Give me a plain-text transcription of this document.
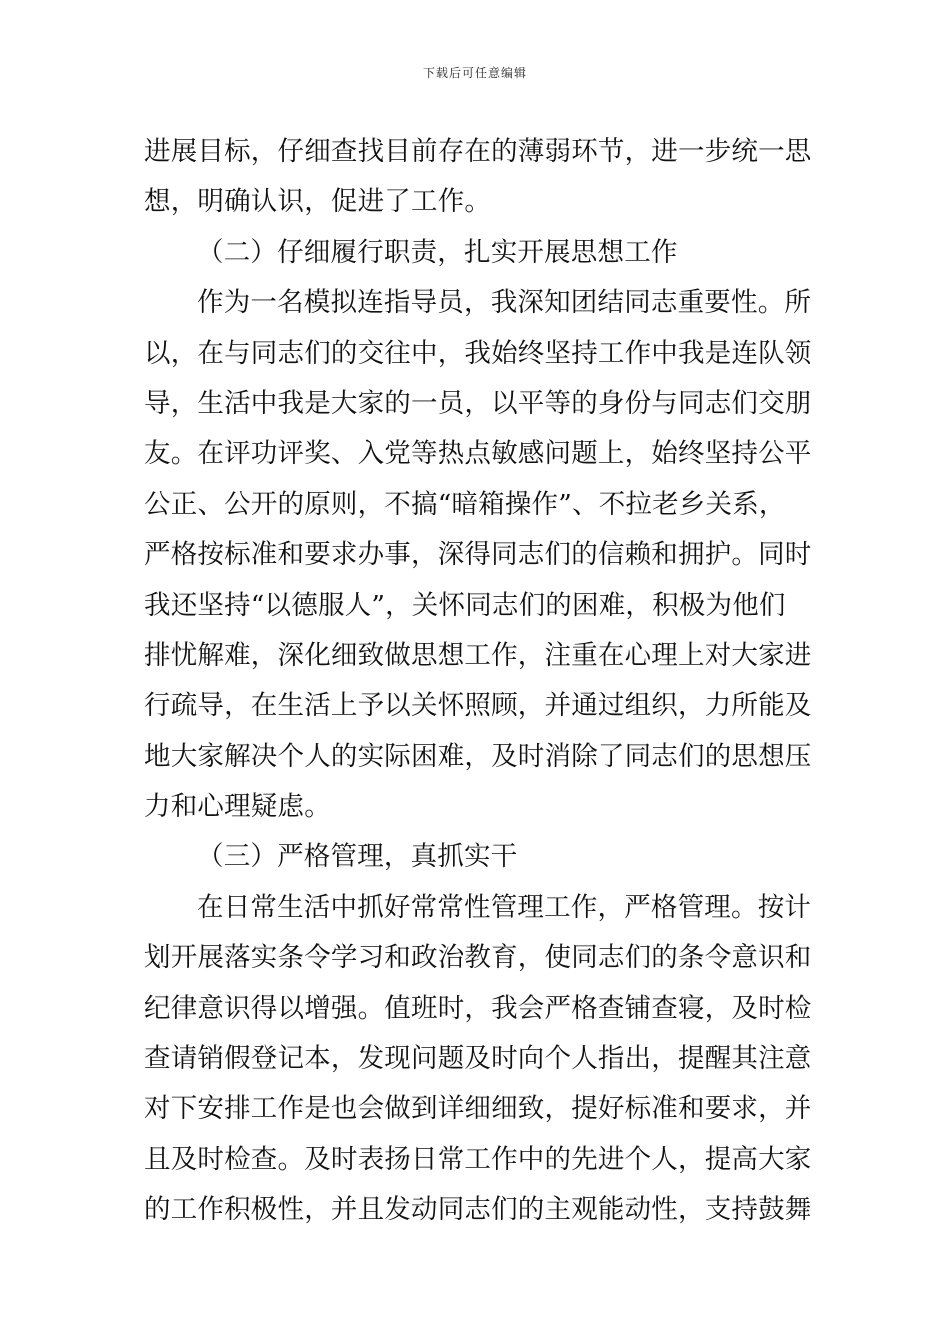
下载后可任意编辑
进展目标，仔细查找目前存在的薄弱环节，进一步统一思
想，明确认识，促进了工作。
（二）仔细履行职责，扎实开展思想工作
作为一名模拟连指导员，我深知团结同志重要性。所
以，在与同志们的交往中，我始终坚持工作中我是连队领
导，生活中我是大家的一员，以平等的身份与同志们交朋
友。在评功评奖、入党等热点敏感问题上，始终坚持公平
公正、公开的原则，不搞“暗箱操作”、不拉老乡关系，
严格按标准和要求办事，深得同志们的信赖和拥护。同时
我还坚持“以德服人”，关怀同志们的困难，积极为他们
排忧解难，深化细致做思想工作，注重在心理上对大家进
行疏导，在生活上予以关怀照顾，并通过组织，力所能及
地大家解决个人的实际困难，及时消除了同志们的思想压
力和心理疑虑。
（三）严格管理，真抓实干
在日常生活中抓好常常性管理工作，严格管理。按计
划开展落实条令学习和政治教育，使同志们的条令意识和
纪律意识得以增强。值班时，我会严格查铺查寝，及时检
查请销假登记本，发现问题及时向个人指出，提醒其注意
对下安排工作是也会做到详细细致，提好标准和要求，并
且及时检查。及时表扬日常工作中的先进个人，提高大家
的工作积极性，并且发动同志们的主观能动性，支持鼓舞
